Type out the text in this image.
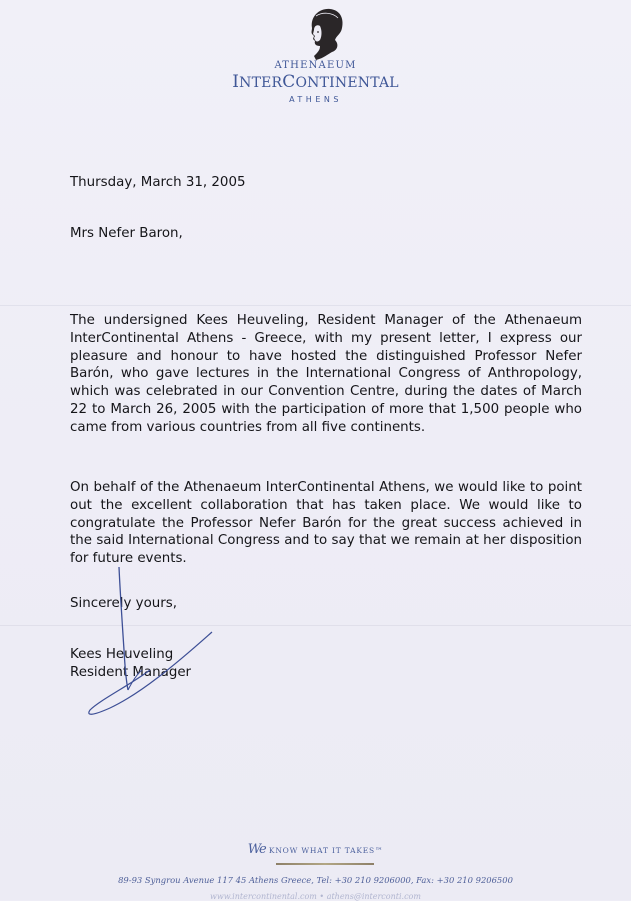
ATHENAEUM
INTERCONTINENTAL
ATHENS
Thursday, March 31, 2005
Mrs Nefer Baron,
The undersigned Kees Heuveling, Resident Manager of the Athenaeum InterContinental Athens - Greece, with my present letter, I express our pleasure and honour to have hosted the distinguished Professor Nefer Barón, who gave lectures in the International Congress of Anthropology, which was celebrated in our Convention Centre, during the dates of March 22 to March 26, 2005 with the participation of more that 1,500 people who came from various countries from all five continents.
On behalf of the Athenaeum InterContinental Athens, we would like to point out the excellent collaboration that has taken place. We would like to congratulate the Professor Nefer Barón for the great success achieved in the said International Congress and to say that we remain at her disposition for future events.
Sincerely yours,
Kees Heuveling
Resident Manager
We KNOW WHAT IT TAKES™
89-93 Syngrou Avenue 117 45 Athens Greece, Tel: +30 210 9206000, Fax: +30 210 9206500
www.intercontinental.com • athens@interconti.com
